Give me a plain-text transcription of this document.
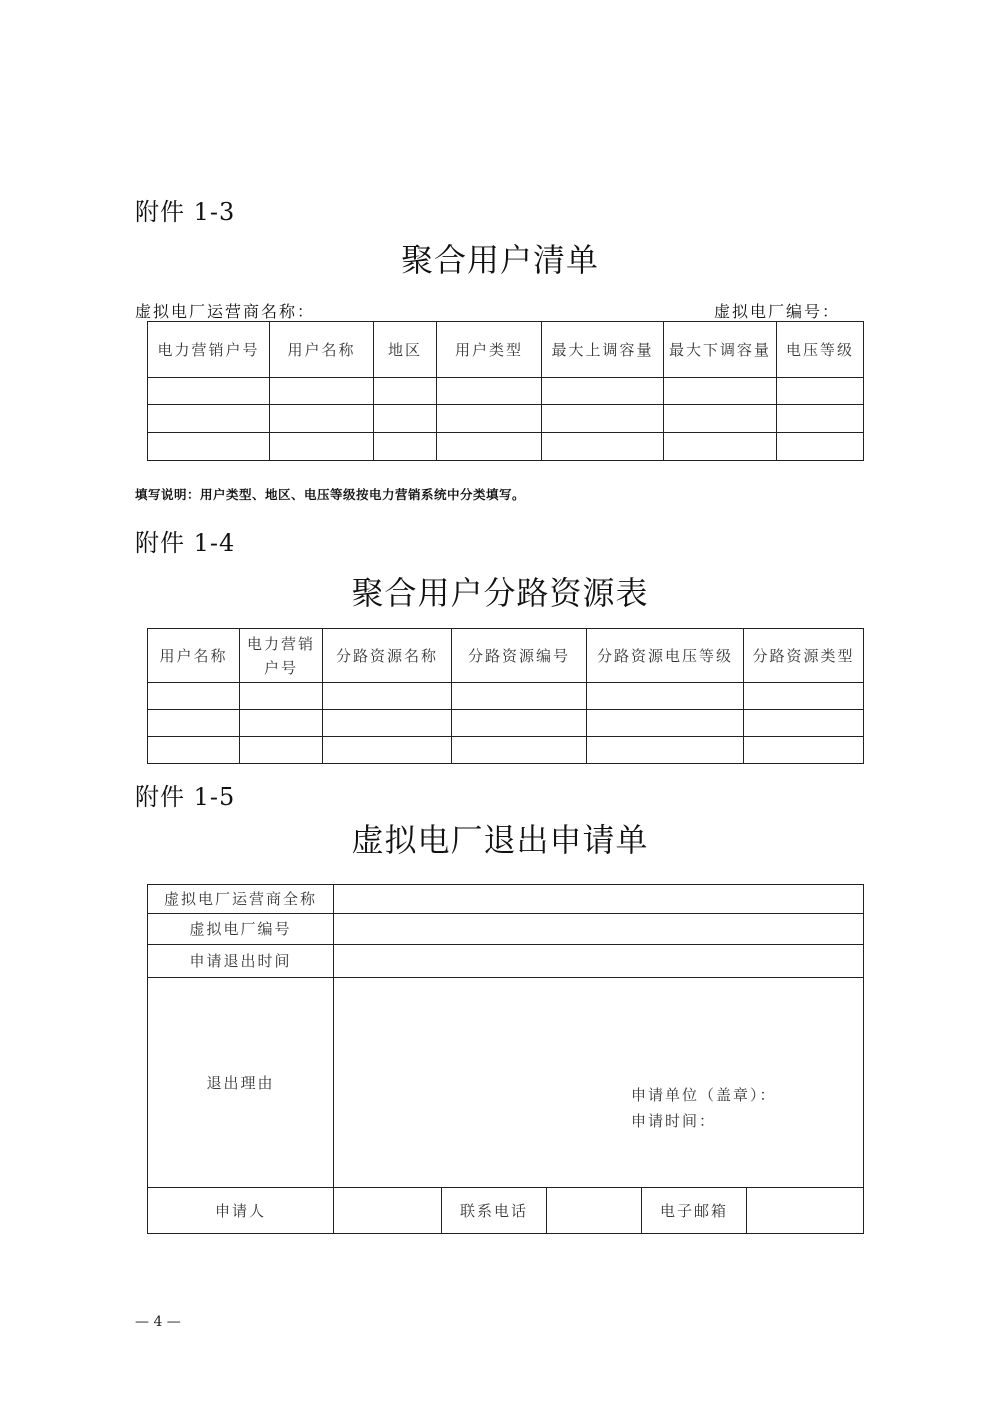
附件 1-3
聚合用户清单
虚拟电厂运营商名称：	虚拟电厂编号：
电力营销户号	用户名称	地区	用户类型	最大上调容量	最大下调容量	电压等级

填写说明：用户类型、地区、电压等级按电力营销系统中分类填写。
附件 1-4
聚合用户分路资源表
用户名称	电力营销户号	分路资源名称	分路资源编号	分路资源电压等级	分路资源类型

附件 1-5
虚拟电厂退出申请单
虚拟电厂运营商全称					
虚拟电厂编号					
申请退出时间					
退出理由	申请单位（盖章）：
申请时间：				

申请人		联系电话		电子邮箱	
— 4 —
